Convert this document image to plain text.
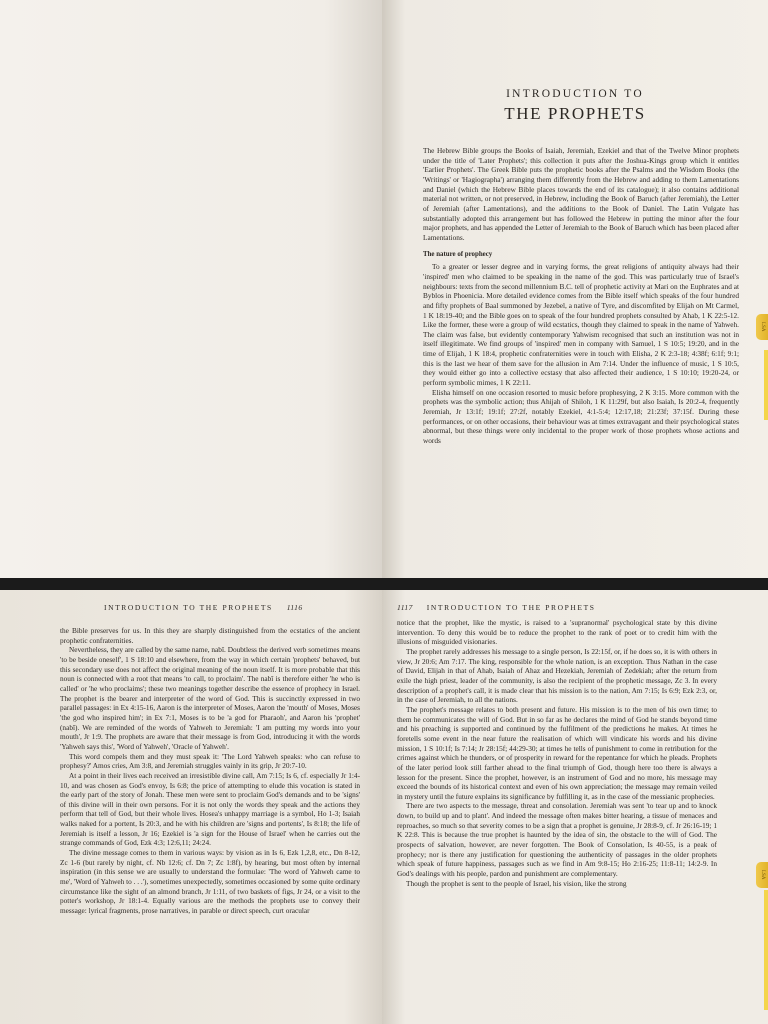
INTRODUCTION TO
THE PROPHETS

The Hebrew Bible groups the Books of Isaiah, Jeremiah, Ezekiel and that of the Twelve Minor prophets under the title of 'Later Prophets'; this collection it puts after the Joshua-Kings group which it entitles 'Earlier Prophets'. The Greek Bible puts the prophetic books after the Psalms and the Wisdom Books (the 'Writings' or 'Hagiographa') arranging them differently from the Hebrew and adding to them Lamentations and Daniel (which the Hebrew Bible places towards the end of its catalogue); it also contains additional material not written, or not preserved, in Hebrew, including the Book of Baruch (after Jeremiah), the Letter of Jeremiah (after Lamentations), and the additions to the Book of Daniel. The Latin Vulgate has substantially adopted this arrangement but has followed the Hebrew in putting the minor after the four major prophets, and has appended the Letter of Jeremiah to the Book of Baruch which has been placed after Lamentations.

The nature of prophecy

To a greater or lesser degree and in varying forms, the great religions of antiquity always had their 'inspired' men who claimed to be speaking in the name of the god. This was particularly true of Israel's neighbours: texts from the second millennium B.C. tell of prophetic activity at Mari on the Euphrates and at Byblos in Phoenicia. More detailed evidence comes from the Bible itself which speaks of the four hundred and fifty prophets of Baal summoned by Jezebel, a native of Tyre, and discomfited by Elijah on Mt Carmel, 1 K 18:19-40; and the Bible goes on to speak of the four hundred prophets consulted by Ahab, 1 K 22:5-12. Like the former, these were a group of wild ecstatics, though they claimed to speak in the name of Yahweh. The claim was false, but evidently contemporary Yahwism recognised that such an institution was not in itself illegitimate. We find groups of 'inspired' men in company with Samuel, 1 S 10:5; 19:20, and in the time of Elijah, 1 K 18:4, prophetic confraternities were in touch with Elisha, 2 K 2:3-18; 4:38f; 6:1f; 9:1; this is the last we hear of them save for the allusion in Am 7:14. Under the influence of music, 1 S 10:5, they would either go into a collective ecstasy that also affected their audience, 1 S 10:10; 19:20-24, or perform symbolic mimes, 1 K 22:11.

Elisha himself on one occasion resorted to music before prophesying, 2 K 3:15. More common with the prophets was the symbolic action; thus Ahijah of Shiloh, 1 K 11:29f, but also Isaiah, Is 20:2-4, frequently Jeremiah, Jr 13:1f; 19:1f; 27:2f, notably Ezekiel, 4:1-5:4; 12:17,18; 21:23f; 37:15f. During these performances, or on other occasions, their behaviour was at times extravagant and their psychological states abnormal, but these things were only incidental to the proper work of those prophets whose actions and words

LSA
INTRODUCTION TO THE PROPHETS 1116

the Bible preserves for us. In this they are sharply distinguished from the ecstatics of the ancient prophetic confraternities.

Nevertheless, they are called by the same name, nabî. Doubtless the derived verb sometimes means 'to be beside oneself', 1 S 18:10 and elsewhere, from the way in which certain 'prophets' behaved, but this secondary use does not affect the original meaning of the noun itself. It is more probable that this noun is connected with a root that means 'to call, to proclaim'. The nabî is therefore either 'he who is called' or 'he who proclaims'; these two meanings together describe the essence of prophecy in Israel. The prophet is the bearer and interpreter of the word of God. This is succinctly expressed in two parallel passages: in Ex 4:15-16, Aaron is the interpreter of Moses, Aaron the 'mouth' of Moses, Moses 'the god who inspired him'; in Ex 7:1, Moses is to be 'a god for Pharaoh', and Aaron his 'prophet' (nabî). We are reminded of the words of Yahweh to Jeremiah: 'I am putting my words into your mouth', Jr 1:9. The prophets are aware that their message is from God, introducing it with the words 'Yahweh says this', 'Word of Yahweh', 'Oracle of Yahweh'.

This word compels them and they must speak it: 'The Lord Yahweh speaks: who can refuse to prophesy?' Amos cries, Am 3:8, and Jeremiah struggles vainly in its grip, Jr 20:7-10.

At a point in their lives each received an irresistible divine call, Am 7:15; Is 6, cf. especially Jr 1:4-10, and was chosen as God's envoy, Is 6:8; the price of attempting to elude this vocation is stated in the early part of the story of Jonah. These men were sent to proclaim God's demands and to be 'signs' of this divine will in their own persons. For it is not only the words they speak and the actions they perform that tell of God, but their whole lives. Hosea's unhappy marriage is a symbol, Ho 1-3; Isaiah walks naked for a portent, Is 20:3, and he with his children are 'signs and portents', Is 8:18; the life of Jeremiah is itself a lesson, Jr 16; Ezekiel is 'a sign for the House of Israel' when he carries out the strange commands of God, Ezk 4:3; 12:6,11; 24:24.

The divine message comes to them in various ways: by vision as in Is 6, Ezk 1,2,8, etc., Dn 8-12, Zc 1-6 (but rarely by night, cf. Nb 12:6; cf. Dn 7; Zc 1:8f), by hearing, but most often by internal inspiration (in this sense we are usually to understand the formulae: 'The word of Yahweh came to me', 'Word of Yahweh to . . .'), sometimes unexpectedly, sometimes occasioned by some quite ordinary circumstance like the sight of an almond branch, Jr 1:11, of two baskets of figs, Jr 24, or a visit to the potter's workshop, Jr 18:1-4. Equally various are the methods the prophets use to convey their message: lyrical fragments, prose narratives, in parable or direct speech, curt oracular

1117 INTRODUCTION TO THE PROPHETS

notice that the prophet, like the mystic, is raised to a 'supranormal' psychological state by this divine intervention. To deny this would be to reduce the prophet to the rank of poet or to credit him with the illusions of misguided visionaries.

The prophet rarely addresses his message to a single person, Is 22:15f, or, if he does so, it is with others in view, Jr 20:6; Am 7:17. The king, responsible for the whole nation, is an exception. Thus Nathan in the case of David, Elijah in that of Ahab, Isaiah of Ahaz and Hezekiah, Jeremiah of Zedekiah; after the return from exile the high priest, leader of the community, is also the recipient of the prophetic message, Zc 3. In every description of a prophet's call, it is made clear that his mission is to the nation, Am 7:15; Is 6:9; Ezk 2:3, or, in the case of Jeremiah, to all the nations.

The prophet's message relates to both present and future. His mission is to the men of his own time; to them he communicates the will of God. But in so far as he declares the mind of God he stands beyond time and his preaching is supported and continued by the fulfilment of the predictions he makes. At times he foretells some event in the near future the realisation of which will vindicate his words and his divine mission, 1 S 10:1f; Is 7:14; Jr 28:15f; 44:29-30; at times he tells of punishment to come in retribution for the crimes against which he thunders, or of prosperity in reward for the repentance for which he pleads. Prophets of the later period look still farther ahead to the final triumph of God, though here too there is always a lesson for the present. Since the prophet, however, is an instrument of God and no more, his message may exceed the bounds of its historical context and even of his own appreciation; the message may remain veiled in mystery until the future explains its significance by fulfilling it, as in the case of the messianic prophecies.

There are two aspects to the message, threat and consolation. Jeremiah was sent 'to tear up and to knock down, to build up and to plant'. And indeed the message often makes bitter hearing, a tissue of menaces and reproaches, so much so that severity comes to be a sign that a prophet is genuine, Jr 28:8-9, cf. Jr 26:16-19; 1 K 22:8. This is because the true prophet is haunted by the idea of sin, the obstacle to the will of God. The prospects of salvation, however, are never forgotten. The Book of Consolation, Is 40-55, is a peak of prophecy; nor is there any justification for questioning the authenticity of passages in the older prophets which speak of future happiness, passages such as we find in Am 9:8-15; Ho 2:16-25; 11:8-11; 14:2-9. In God's dealings with his people, pardon and punishment are complementary.

Though the prophet is sent to the people of Israel, his vision, like the strong

LSA
